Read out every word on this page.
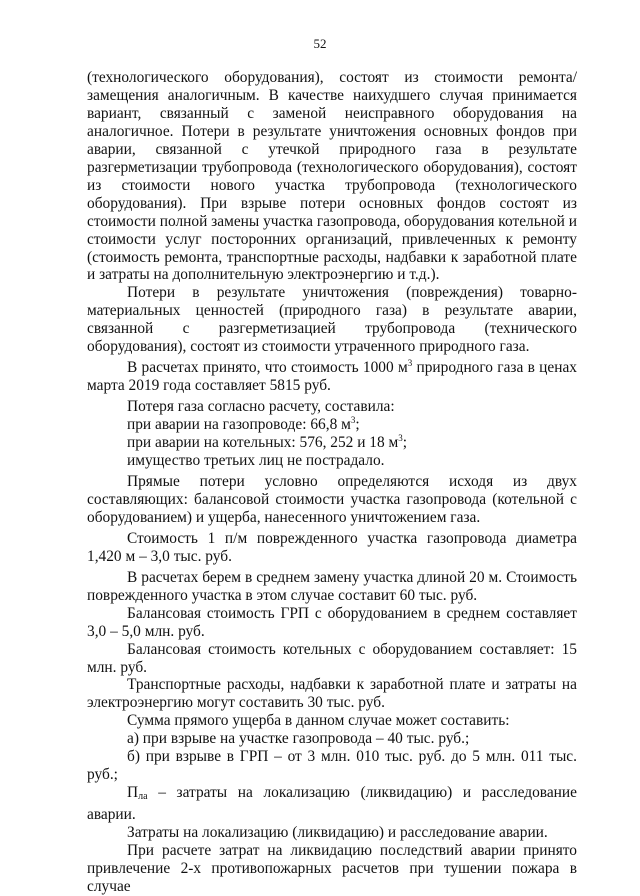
52

(технологического оборудования), состоят из стоимости ремонта/замещения аналогичным. В качестве наихудшего случая принимается вариант, связанный с заменой неисправного оборудования на аналогичное. Потери в результате уничтожения основных фондов при аварии, связанной с утечкой природного газа в результате разгерметизации трубопровода (технологического оборудования), состоят из стоимости нового участка трубопровода (технологического оборудования). При взрыве потери основных фондов состоят из стоимости полной замены участка газопровода, оборудования котельной и стоимости услуг посторонних организаций, привлеченных к ремонту (стоимость ремонта, транспортные расходы, надбавки к заработной плате и затраты на дополнительную электроэнергию и т.д.).

Потери в результате уничтожения (повреждения) товарно-материальных ценностей (природного газа) в результате аварии, связанной с разгерметизацией трубопровода (технического оборудования), состоят из стоимости утраченного природного газа.

В расчетах принято, что стоимость 1000 $м^3$ природного газа в ценах марта 2019 года составляет 5815 руб.

Потеря газа согласно расчету, составила:

при аварии на газопроводе: 66,8 $м^3$;

при аварии на котельных: 576, 252 и 18 $м^3$;

имущество третьих лиц не пострадало.

Прямые потери условно определяются исходя из двух составляющих: балансовой стоимости участка газопровода (котельной с оборудованием) и ущерба, нанесенного уничтожением газа.

Стоимость 1 п/м поврежденного участка газопровода диаметра 1,420 м – 3,0 тыс. руб.

В расчетах берем в среднем замену участка длиной 20 м. Стоимость поврежденного участка в этом случае составит 60 тыс. руб.

Балансовая стоимость ГРП с оборудованием в среднем составляет 3,0 – 5,0 млн. руб.

Балансовая стоимость котельных с оборудованием составляет: 15 млн. руб.

Транспортные расходы, надбавки к заработной плате и затраты на электроэнергию могут составить 30 тыс. руб.

Сумма прямого ущерба в данном случае может составить:

а) при взрыве на участке газопровода – 40 тыс. руб.;

б) при взрыве в ГРП – от 3 млн. 010 тыс. руб. до 5 млн. 011 тыс. руб.;

$П_{ла}$ – затраты на локализацию (ликвидацию) и расследование аварии.

Затраты на локализацию (ликвидацию) и расследование аварии.

При расчете затрат на ликвидацию последствий аварии принято привлечение 2-х противопожарных расчетов при тушении пожара в случае
